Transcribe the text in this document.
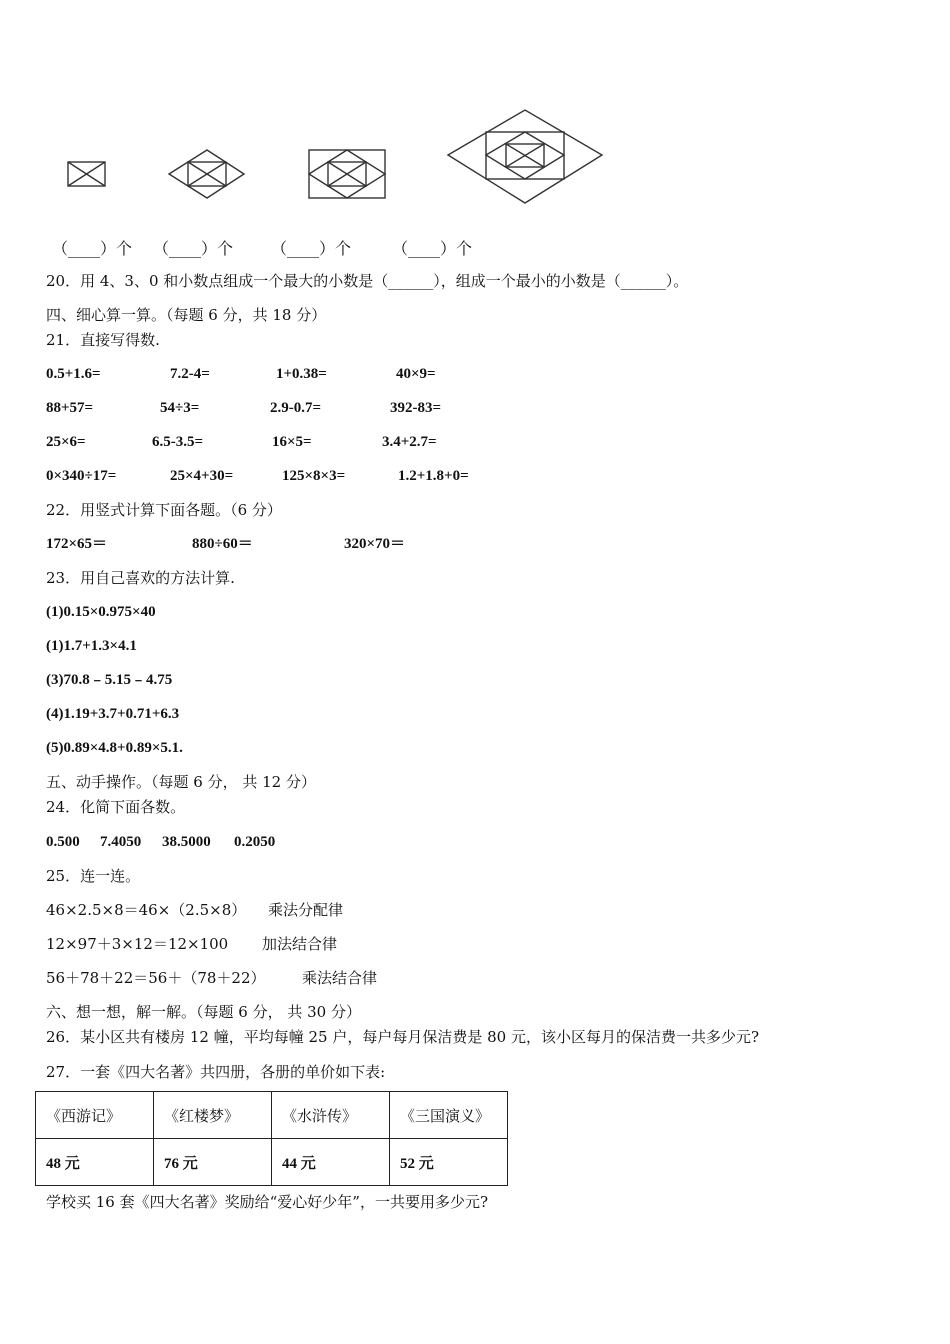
（____）个 （____）个 （____）个	（____）个
20．用 4、3、0 和小数点组成一个最大的小数是（______），组成一个最小的小数是（______）。
四、细心算一算。（每题 6 分，共 18 分）
21．直接写得数.
0.5+1.6=	7.2-4=	1+0.38=	40×9=
88+57=	54÷3=	2.9-0.7=	392-83=
25×6=	6.5-3.5=	16×5=	3.4+2.7=
0×340÷17=	25×4+30=	125×8×3=	1.2+1.8+0=
22．用竖式计算下面各题。（6 分）
172×65＝	880÷60＝	320×70＝
23．用自己喜欢的方法计算.
(1)0.15×0.975×40
(1)1.7+1.3×4.1
(3)70.8﹣5.15﹣4.75
(4)1.19+3.7+0.71+6.3
(5)0.89×4.8+0.89×5.1.
五、动手操作。（每题 6 分， 共 12 分）
24．化简下面各数。
0.500 7.4050 38.5000 0.2050
25．连一连。
46×2.5×8＝46×（2.5×8） 乘法分配律
12×97＋3×12＝12×100 加法结合律
56＋78＋22＝56＋（78＋22） 乘法结合律
六、想一想，解一解。（每题 6 分， 共 30 分）
26．某小区共有楼房 12 幢，平均每幢 25 户，每户每月保洁费是 80 元，该小区每月的保洁费一共多少元?
27．一套《四大名著》共四册，各册的单价如下表:
《西游记》	《红楼梦》	《水浒传》	《三国演义》
48 元	76 元	44 元	52 元
学校买 16 套《四大名著》奖励给“爱心好少年”，一共要用多少元?
